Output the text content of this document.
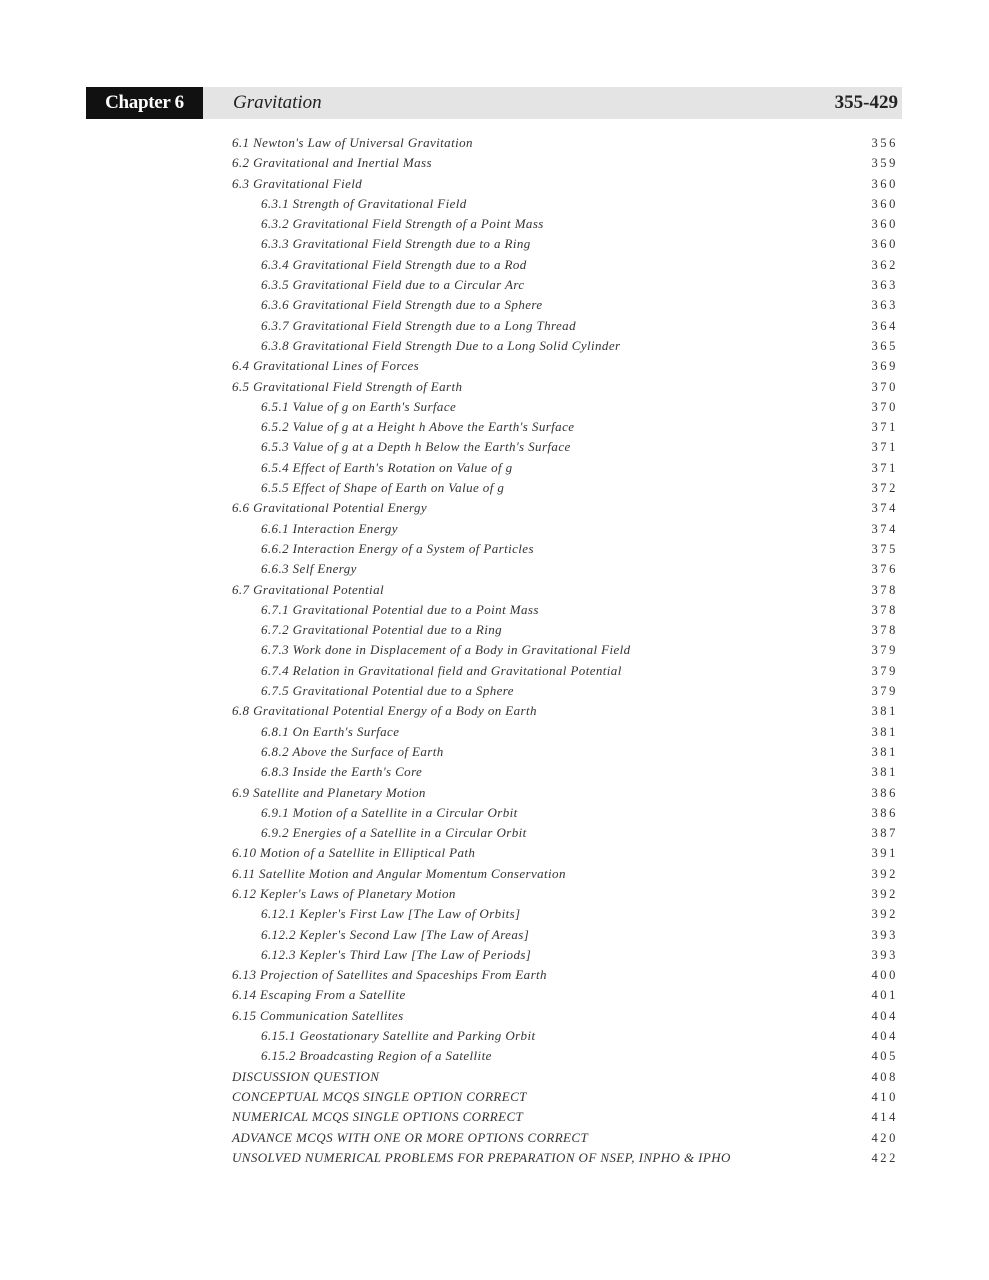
Chapter 6	Gravitation	355-429
6.1 Newton's Law of Universal Gravitation	356
6.2 Gravitational and Inertial Mass	359
6.3 Gravitational Field	360
6.3.1 Strength of Gravitational Field	360
6.3.2 Gravitational Field Strength of a Point Mass	360
6.3.3 Gravitational Field Strength due to a Ring	360
6.3.4 Gravitational Field Strength due to a Rod	362
6.3.5 Gravitational Field due to a Circular Arc	363
6.3.6 Gravitational Field Strength due to a Sphere	363
6.3.7 Gravitational Field Strength due to a Long Thread	364
6.3.8 Gravitational Field Strength Due to a Long Solid Cylinder	365
6.4 Gravitational Lines of Forces	369
6.5 Gravitational Field Strength of Earth	370
6.5.1 Value of g on Earth's Surface	370
6.5.2 Value of g at a Height h Above the Earth's Surface	371
6.5.3 Value of g at a Depth h Below the Earth's Surface	371
6.5.4 Effect of Earth's Rotation on Value of g	371
6.5.5 Effect of Shape of Earth on Value of g	372
6.6 Gravitational Potential Energy	374
6.6.1 Interaction Energy	374
6.6.2 Interaction Energy of a System of Particles	375
6.6.3 Self Energy	376
6.7 Gravitational Potential	378
6.7.1 Gravitational Potential due to a Point Mass	378
6.7.2 Gravitational Potential due to a Ring	378
6.7.3 Work done in Displacement of a Body in Gravitational Field	379
6.7.4 Relation in Gravitational field and Gravitational Potential	379
6.7.5 Gravitational Potential due to a Sphere	379
6.8 Gravitational Potential Energy of a Body on Earth	381
6.8.1 On Earth's Surface	381
6.8.2 Above the Surface of Earth	381
6.8.3 Inside the Earth's Core	381
6.9 Satellite and Planetary Motion	386
6.9.1 Motion of a Satellite in a Circular Orbit	386
6.9.2 Energies of a Satellite in a Circular Orbit	387
6.10 Motion of a Satellite in Elliptical Path	391
6.11 Satellite Motion and Angular Momentum Conservation	392
6.12 Kepler's Laws of Planetary Motion	392
6.12.1 Kepler's First Law [The Law of Orbits]	392
6.12.2 Kepler's Second Law [The Law of Areas]	393
6.12.3 Kepler's Third Law [The Law of Periods]	393
6.13 Projection of Satellites and Spaceships From Earth	400
6.14 Escaping From a Satellite	401
6.15 Communication Satellites	404
6.15.1 Geostationary Satellite and Parking Orbit	404
6.15.2 Broadcasting Region of a Satellite	405
DISCUSSION QUESTION	408
CONCEPTUAL MCQS SINGLE OPTION CORRECT	410
NUMERICAL MCQS SINGLE OPTIONS CORRECT	414
ADVANCE MCQS WITH ONE OR MORE OPTIONS CORRECT	420
UNSOLVED NUMERICAL PROBLEMS FOR PREPARATION OF NSEP, INPHO & IPHO	422
